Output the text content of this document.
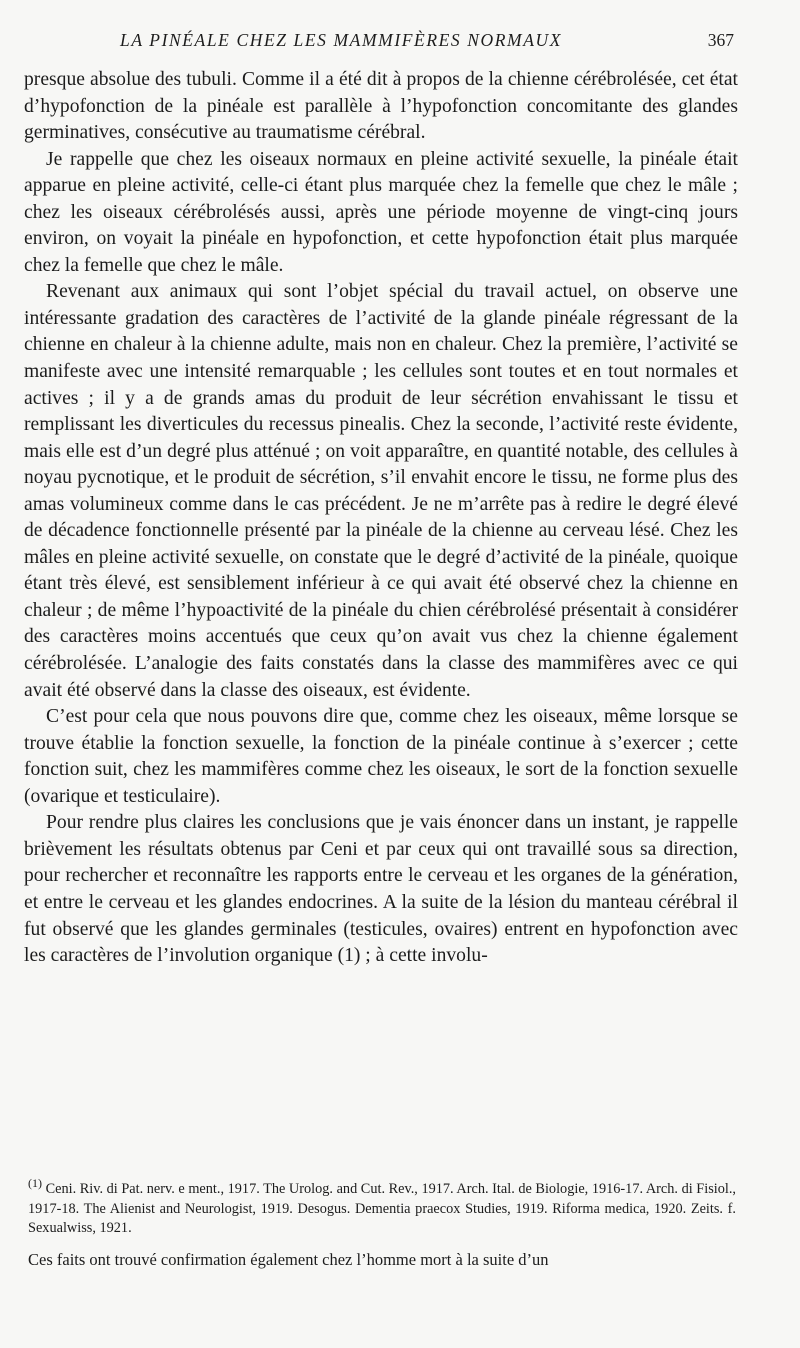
LA PINÉALE CHEZ LES MAMMIFÈRES NORMAUX	367

presque absolue des tubuli. Comme il a été dit à propos de la chienne cérébrolésée, cet état d’hypofonction de la pinéale est parallèle à l’hypofonction concomitante des glandes germinatives, consécutive au traumatisme cérébral.

Je rappelle que chez les oiseaux normaux en pleine activité sexuelle, la pinéale était apparue en pleine activité, celle-ci étant plus marquée chez la femelle que chez le mâle ; chez les oiseaux cérébrolésés aussi, après une période moyenne de vingt-cinq jours environ, on voyait la pinéale en hypofonction, et cette hypofonction était plus marquée chez la femelle que chez le mâle.

Revenant aux animaux qui sont l’objet spécial du travail actuel, on observe une intéressante gradation des caractères de l’activité de la glande pinéale régressant de la chienne en chaleur à la chienne adulte, mais non en chaleur. Chez la première, l’activité se manifeste avec une intensité remarquable ; les cellules sont toutes et en tout normales et actives ; il y a de grands amas du produit de leur sécrétion envahissant le tissu et remplissant les diverticules du recessus pinealis. Chez la seconde, l’activité reste évidente, mais elle est d’un degré plus atténué ; on voit apparaître, en quantité notable, des cellules à noyau pycnotique, et le produit de sécrétion, s’il envahit encore le tissu, ne forme plus des amas volumineux comme dans le cas précédent. Je ne m’arrête pas à redire le degré élevé de décadence fonctionnelle présenté par la pinéale de la chienne au cerveau lésé. Chez les mâles en pleine activité sexuelle, on constate que le degré d’activité de la pinéale, quoique étant très élevé, est sensiblement inférieur à ce qui avait été observé chez la chienne en chaleur ; de même l’hypoactivité de la pinéale du chien cérébrolésé présentait à considérer des caractères moins accentués que ceux qu’on avait vus chez la chienne également cérébrolésée. L’analogie des faits constatés dans la classe des mammifères avec ce qui avait été observé dans la classe des oiseaux, est évidente.

C’est pour cela que nous pouvons dire que, comme chez les oiseaux, même lorsque se trouve établie la fonction sexuelle, la fonction de la pinéale continue à s’exercer ; cette fonction suit, chez les mammifères comme chez les oiseaux, le sort de la fonction sexuelle (ovarique et testiculaire).

Pour rendre plus claires les conclusions que je vais énoncer dans un instant, je rappelle brièvement les résultats obtenus par Ceni et par ceux qui ont travaillé sous sa direction, pour rechercher et reconnaître les rapports entre le cerveau et les organes de la génération, et entre le cerveau et les glandes endocrines. A la suite de la lésion du manteau cérébral il fut observé que les glandes germinales (testicules, ovaires) entrent en hypofonction avec les caractères de l’involution organique (1) ; à cette involu-

$^{(1)}$ Ceni. Riv. di Pat. nerv. e ment., 1917. The Urolog. and Cut. Rev., 1917. Arch. Ital. de Biologie, 1916-17. Arch. di Fisiol., 1917-18. The Alienist and Neurologist, 1919. Desogus. Dementia praecox Studies, 1919. Riforma medica, 1920. Zeits. f. Sexualwiss, 1921.

Ces faits ont trouvé confirmation également chez l’homme mort à la suite d’un
